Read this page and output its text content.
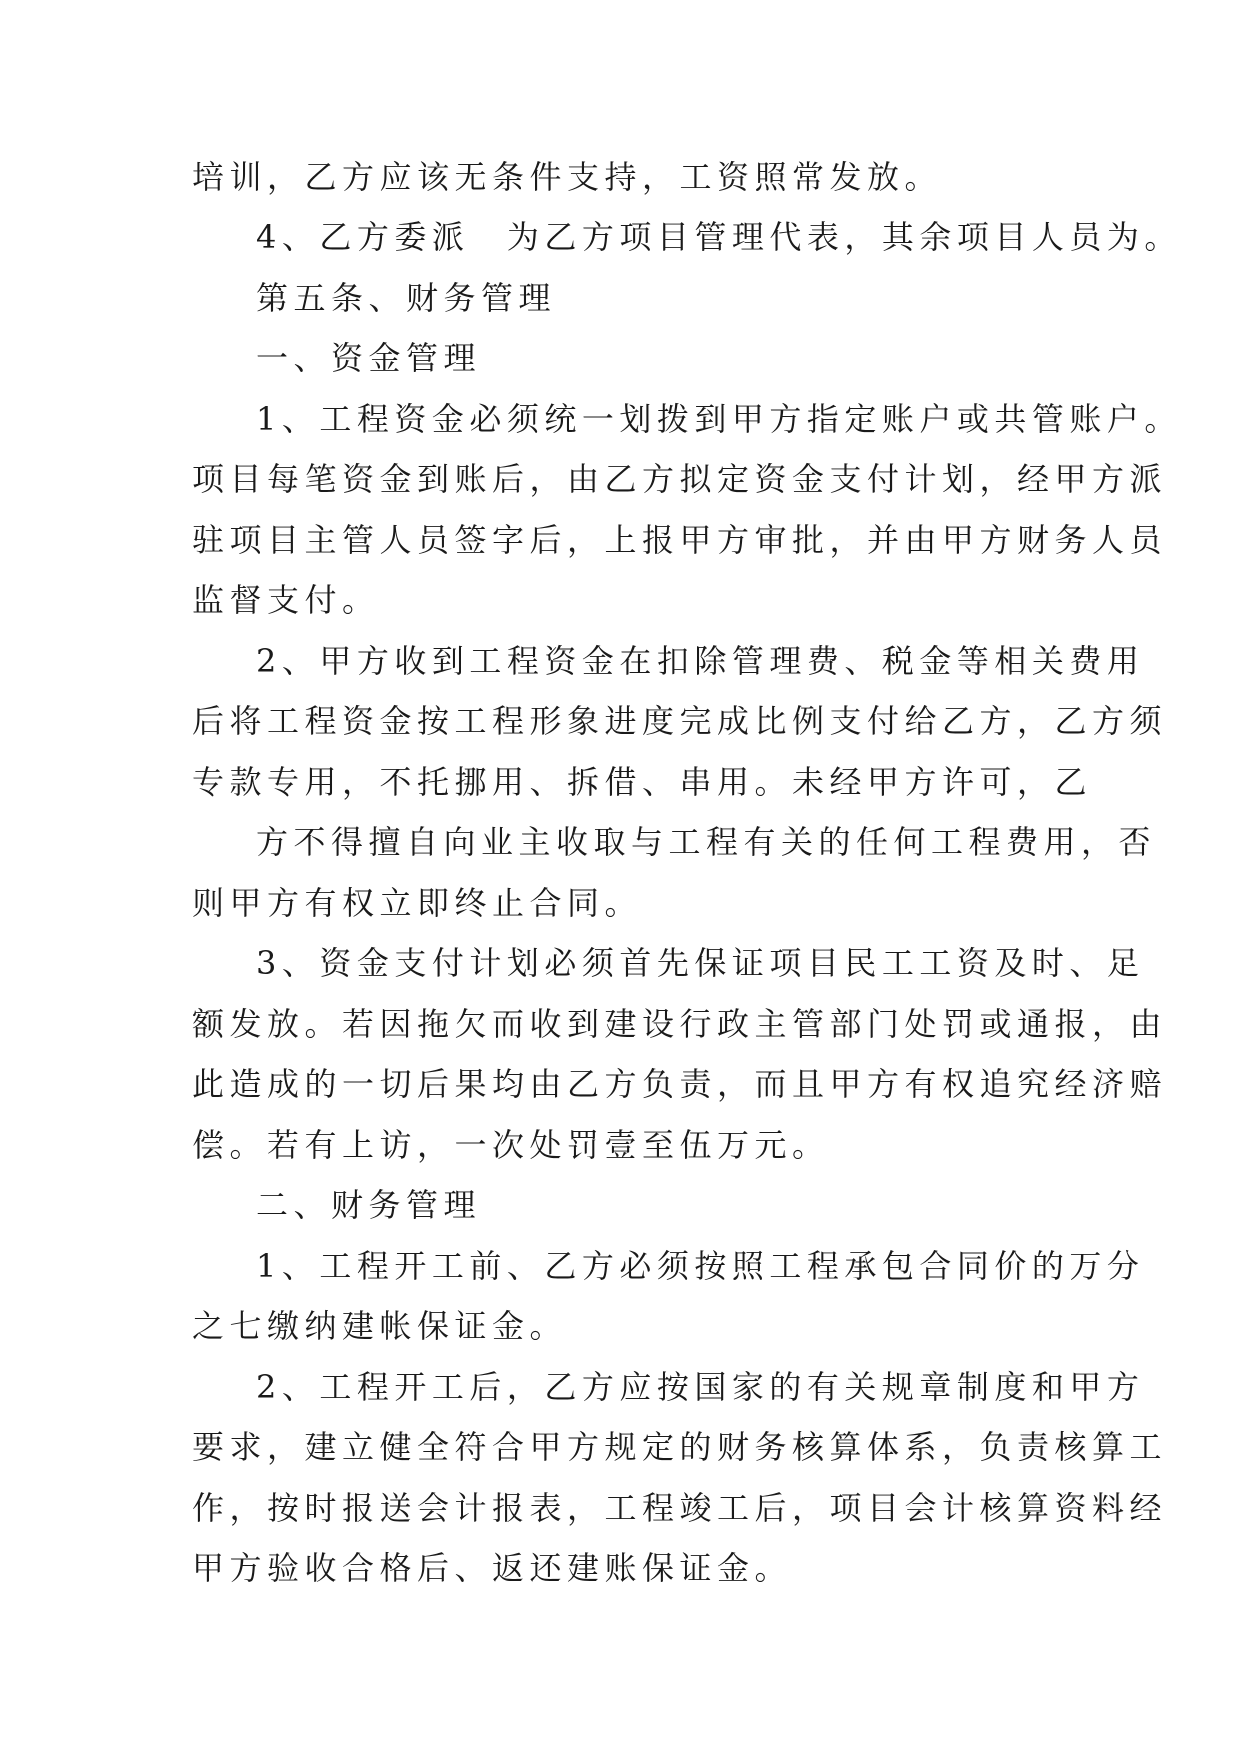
培训，乙方应该无条件支持，工资照常发放。
4、乙方委派　为乙方项目管理代表，其余项目人员为。
第五条、财务管理
一、资金管理
1、工程资金必须统一划拨到甲方指定账户或共管账户。
项目每笔资金到账后，由乙方拟定资金支付计划，经甲方派
驻项目主管人员签字后，上报甲方审批，并由甲方财务人员
监督支付。
2、甲方收到工程资金在扣除管理费、税金等相关费用
后将工程资金按工程形象进度完成比例支付给乙方，乙方须
专款专用，不托挪用、拆借、串用。未经甲方许可，乙
方不得擅自向业主收取与工程有关的任何工程费用，否
则甲方有权立即终止合同。
3、资金支付计划必须首先保证项目民工工资及时、足
额发放。若因拖欠而收到建设行政主管部门处罚或通报，由
此造成的一切后果均由乙方负责，而且甲方有权追究经济赔
偿。若有上访，一次处罚壹至伍万元。
二、财务管理
1、工程开工前、乙方必须按照工程承包合同价的万分
之七缴纳建帐保证金。
2、工程开工后，乙方应按国家的有关规章制度和甲方
要求，建立健全符合甲方规定的财务核算体系，负责核算工
作，按时报送会计报表，工程竣工后，项目会计核算资料经
甲方验收合格后、返还建账保证金。
